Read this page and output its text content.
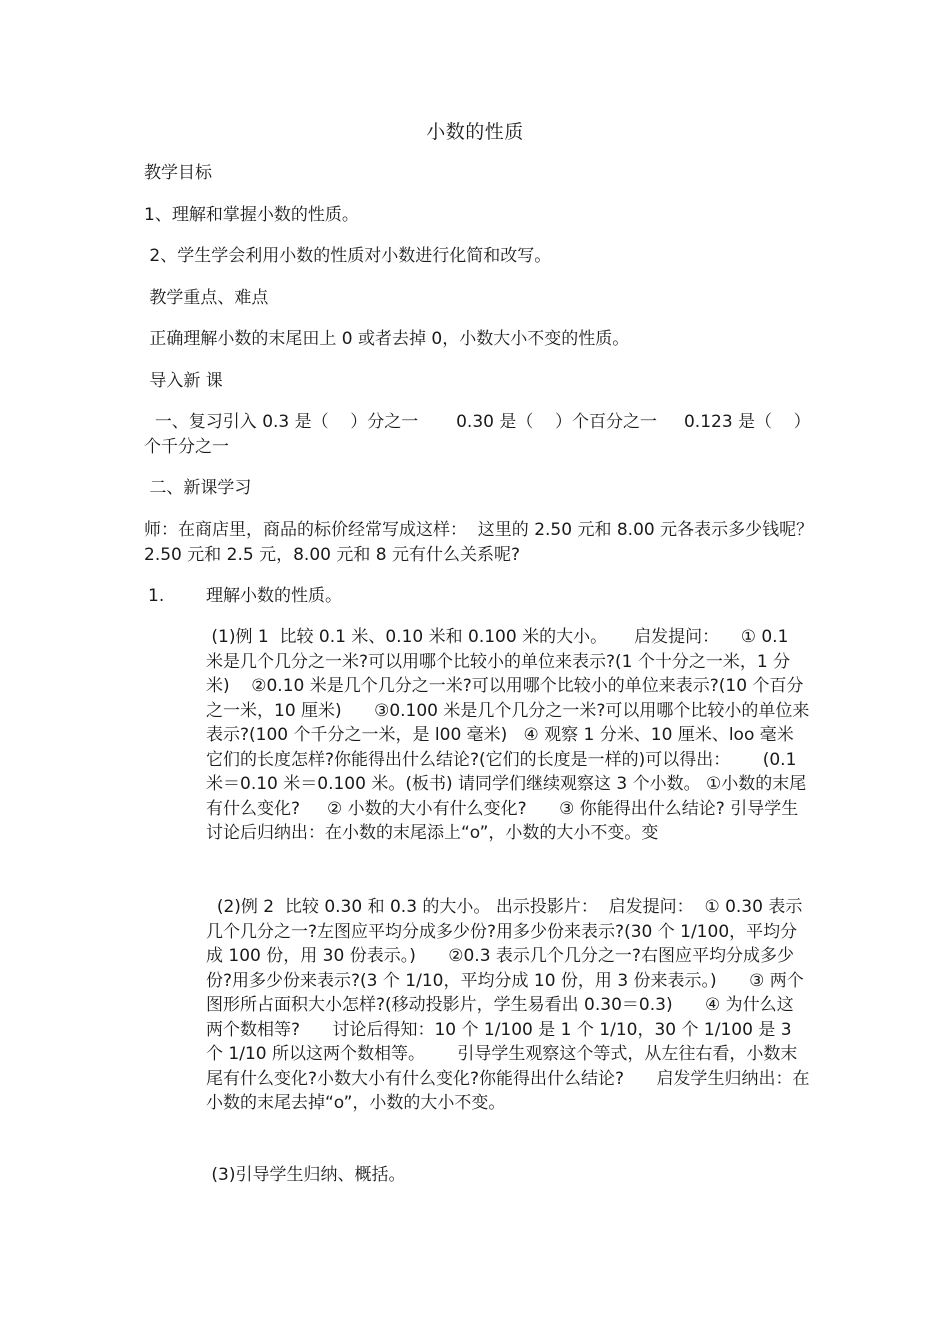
小数的性质

教学目标

1、理解和掌握小数的性质。

2、学生学会利用小数的性质对小数进行化简和改写。

教学重点、难点

正确理解小数的末尾田上 0 或者去掉 0，小数大小不变的性质。

导入新 课

一、复习引入 0.3 是（    ）分之一       0.30 是（    ）个百分之一     0.123 是（    ）个千分之一

二、新课学习

师：在商店里，商品的标价经常写成这样：  这里的 2.50 元和 8.00 元各表示多少钱呢？ 2.50 元和 2.5 元，8.00 元和 8 元有什么关系呢?

1. 理解小数的性质。

(1)例 1  比较 0.1 米、0.10 米和 0.100 米的大小。     启发提问：    ① 0.1 米是几个几分之一米?可以用哪个比较小的单位来表示?(1 个十分之一米，1 分 米)    ②0.10 米是几个几分之一米?可以用哪个比较小的单位来表示?(10 个百分之一米，10 厘米)      ③0.100 米是几个几分之一米?可以用哪个比较小的单位来表示?(100 个千分之一米，是 l00 毫米)   ④ 观察 1 分米、10 厘米、loo 毫米它们的长度怎样?你能得出什么结论?(它们的长度是一样的)可以得出：      (0.1 米＝0.10 米＝0.100 米。(板书) 请同学们继续观察这 3 个小数。 ①小数的末尾有什么变化?     ② 小数的大小有什么变化?      ③ 你能得出什么结论? 引导学生讨论后归纳出：在小数的末尾添上“o”，小数的大小不变。变

(2)例 2  比较 0.30 和 0.3 的大小。 出示投影片：  启发提问：  ① 0.30 表示几个几分之一?左图应平均分成多少份?用多少份来表示?(30 个 1/100，平均分成 100 份，用 30 份表示。)      ②0.3 表示几个几分之一?右图应平均分成多少份?用多少份来表示?(3 个 1/10，平均分成 10 份，用 3 份来表示。)      ③ 两个图形所占面积大小怎样?(移动投影片，学生易看出 0.30＝0.3)      ④ 为什么这两个数相等?      讨论后得知：10 个 1/100 是 1 个 1/10，30 个 1/100 是 3 个 1/10 所以这两个数相等。      引导学生观察这个等式，从左往右看，小数末尾有什么变化?小数大小有什么变化?你能得出什么结论?      启发学生归纳出：在小数的末尾去掉“o”，小数的大小不变。

(3)引导学生归纳、概括。
